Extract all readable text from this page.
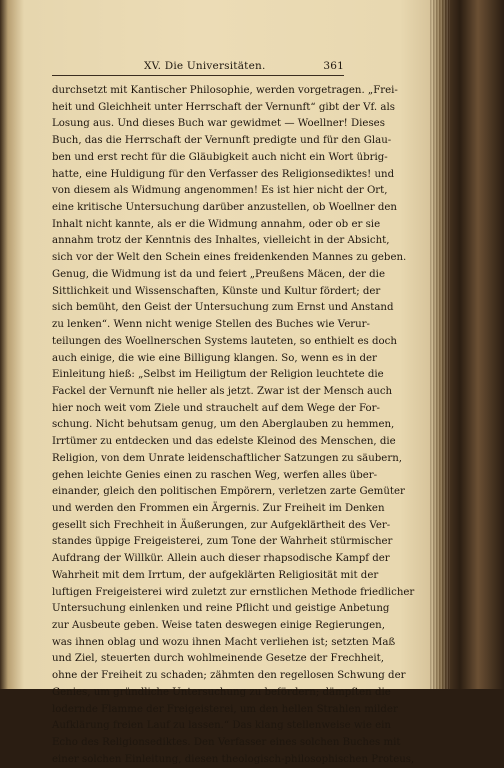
XV. Die Universitäten.	361
durchsetzt mit Kantischer Philosophie, werden vorgetragen. „Frei-
heit und Gleichheit unter Herrschaft der Vernunft“ gibt der Vf. als
Losung aus. Und dieses Buch war gewidmet — Woellner! Dieses
Buch, das die Herrschaft der Vernunft predigte und für den Glau-
ben und erst recht für die Gläubigkeit auch nicht ein Wort übrig-
hatte, eine Huldigung für den Verfasser des Religionsediktes! und
von diesem als Widmung angenommen! Es ist hier nicht der Ort,
eine kritische Untersuchung darüber anzustellen, ob Woellner den
Inhalt nicht kannte, als er die Widmung annahm, oder ob er sie
annahm trotz der Kenntnis des Inhaltes, vielleicht in der Absicht,
sich vor der Welt den Schein eines freidenkenden Mannes zu geben.
Genug, die Widmung ist da und feiert „Preußens Mäcen, der die
Sittlichkeit und Wissenschaften, Künste und Kultur fördert; der
sich bemüht, den Geist der Untersuchung zum Ernst und Anstand
zu lenken“. Wenn nicht wenige Stellen des Buches wie Verur-
teilungen des Woellnerschen Systems lauteten, so enthielt es doch
auch einige, die wie eine Billigung klangen. So, wenn es in der
Einleitung hieß: „Selbst im Heiligtum der Religion leuchtete die
Fackel der Vernunft nie heller als jetzt. Zwar ist der Mensch auch
hier noch weit vom Ziele und strauchelt auf dem Wege der For-
schung. Nicht behutsam genug, um den Aberglauben zu hemmen,
Irrtümer zu entdecken und das edelste Kleinod des Menschen, die
Religion, von dem Unrate leidenschaftlicher Satzungen zu säubern,
gehen leichte Genies einen zu raschen Weg, werfen alles über-
einander, gleich den politischen Empörern, verletzen zarte Gemüter
und werden den Frommen ein Ärgernis. Zur Freiheit im Denken
gesellt sich Frechheit in Äußerungen, zur Aufgeklärtheit des Ver-
standes üppige Freigeisterei, zum Tone der Wahrheit stürmischer
Aufdrang der Willkür. Allein auch dieser rhapsodische Kampf der
Wahrheit mit dem Irrtum, der aufgeklärten Religiosität mit der
luftigen Freigeisterei wird zuletzt zur ernstlichen Methode friedlicher
Untersuchung einlenken und reine Pflicht und geistige Anbetung
zur Ausbeute geben. Weise taten deswegen einige Regierungen,
was ihnen oblag und wozu ihnen Macht verliehen ist; setzten Maß
und Ziel, steuerten durch wohlmeinende Gesetze der Frechheit,
ohne der Freiheit zu schaden; zähmten den regellosen Schwung der
Genies, um gründliche Untersuchung zu befördern; dämpften die
lodernde Flamme der Freigeisterei, um den hellen Strahlen milder
Aufklärung freien Lauf zu lassen.“ Das klang stellenweise wie ein
Echo des Religionsediktes. Den Verfasser eines solchen Buches mit
einer solchen Einleitung, diesen theologisch-philosophischen Proteus,
